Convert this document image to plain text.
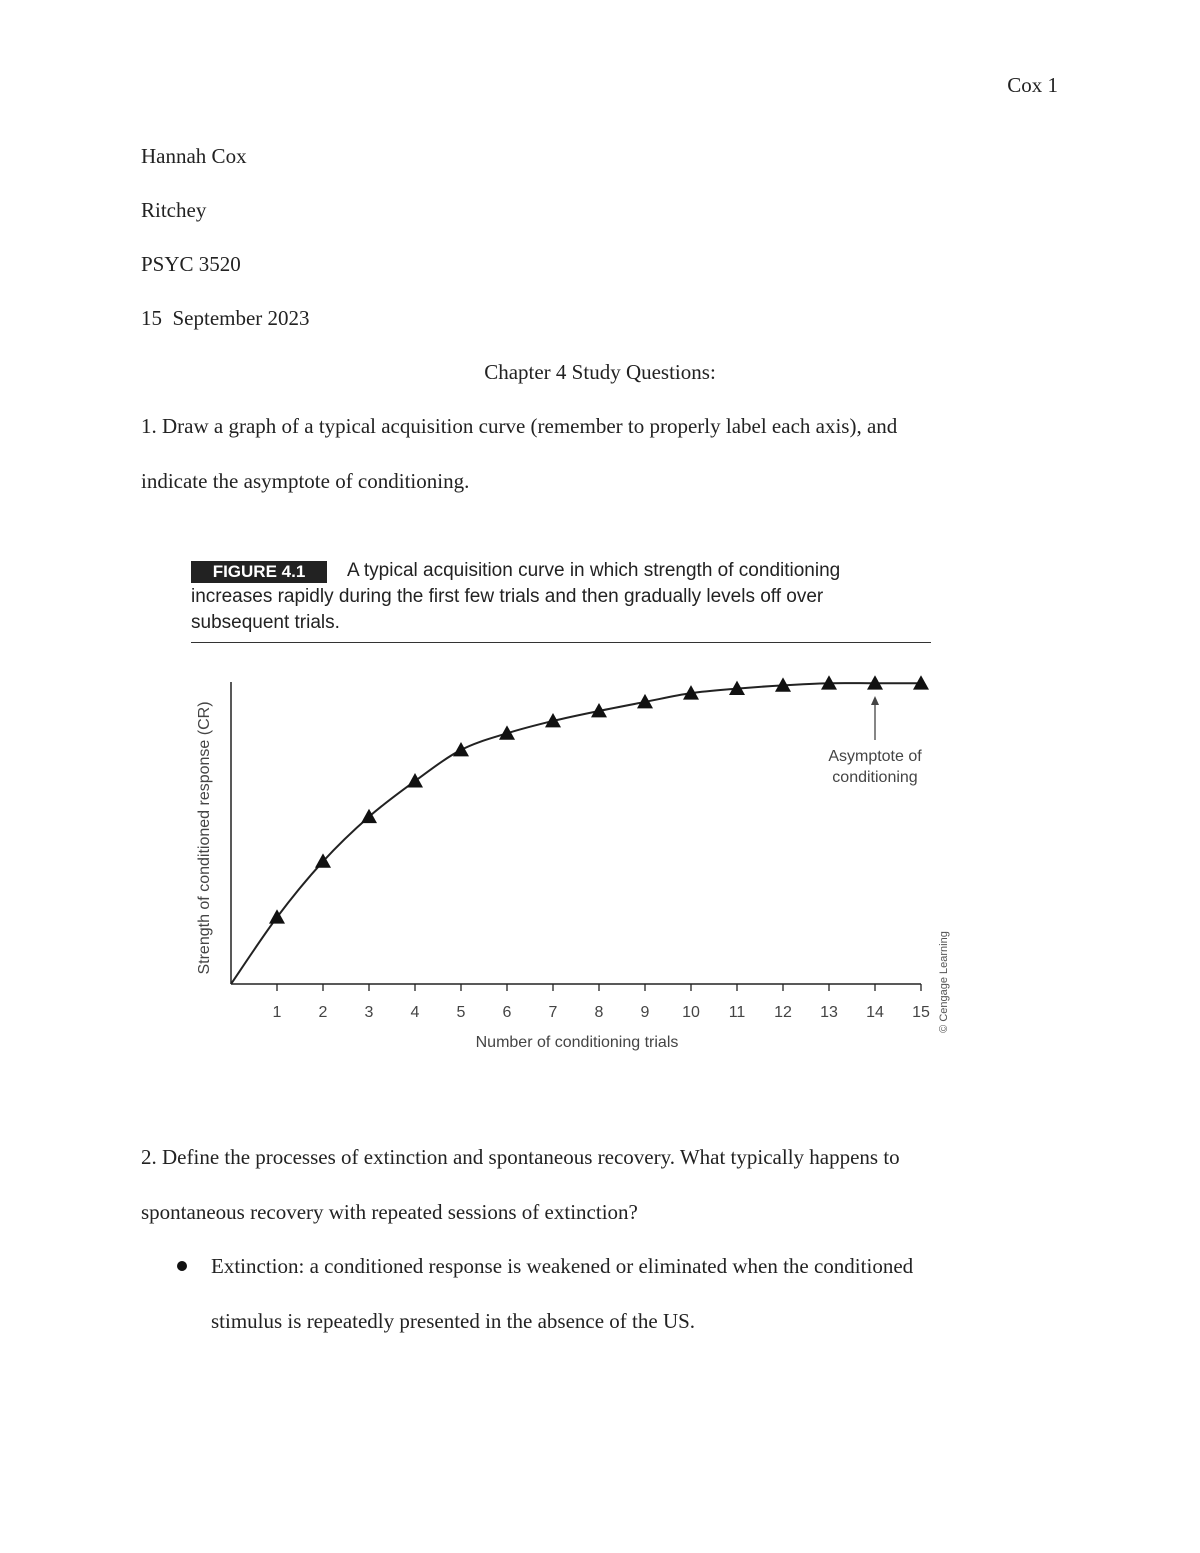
Cox 1
Hannah Cox
Ritchey
PSYC 3520
15  September 2023
Chapter 4 Study Questions:
1. Draw a graph of a typical acquisition curve (remember to properly label each axis), and
indicate the asymptote of conditioning.
FIGURE 4.1	A typical acquisition curve in which strength of conditioning
increases rapidly during the first few trials and then gradually levels off over
subsequent trials.
1 2 3 4 5 6 7 8 9 10 11 12 13 14 15
Number of conditioning trials
Strength of conditioned response (CR)	Asymptote of
conditioning
© Cengage Learning
2. Define the processes of extinction and spontaneous recovery. What typically happens to
spontaneous recovery with repeated sessions of extinction?
Extinction: a conditioned response is weakened or eliminated when the conditioned
stimulus is repeatedly presented in the absence of the US.
